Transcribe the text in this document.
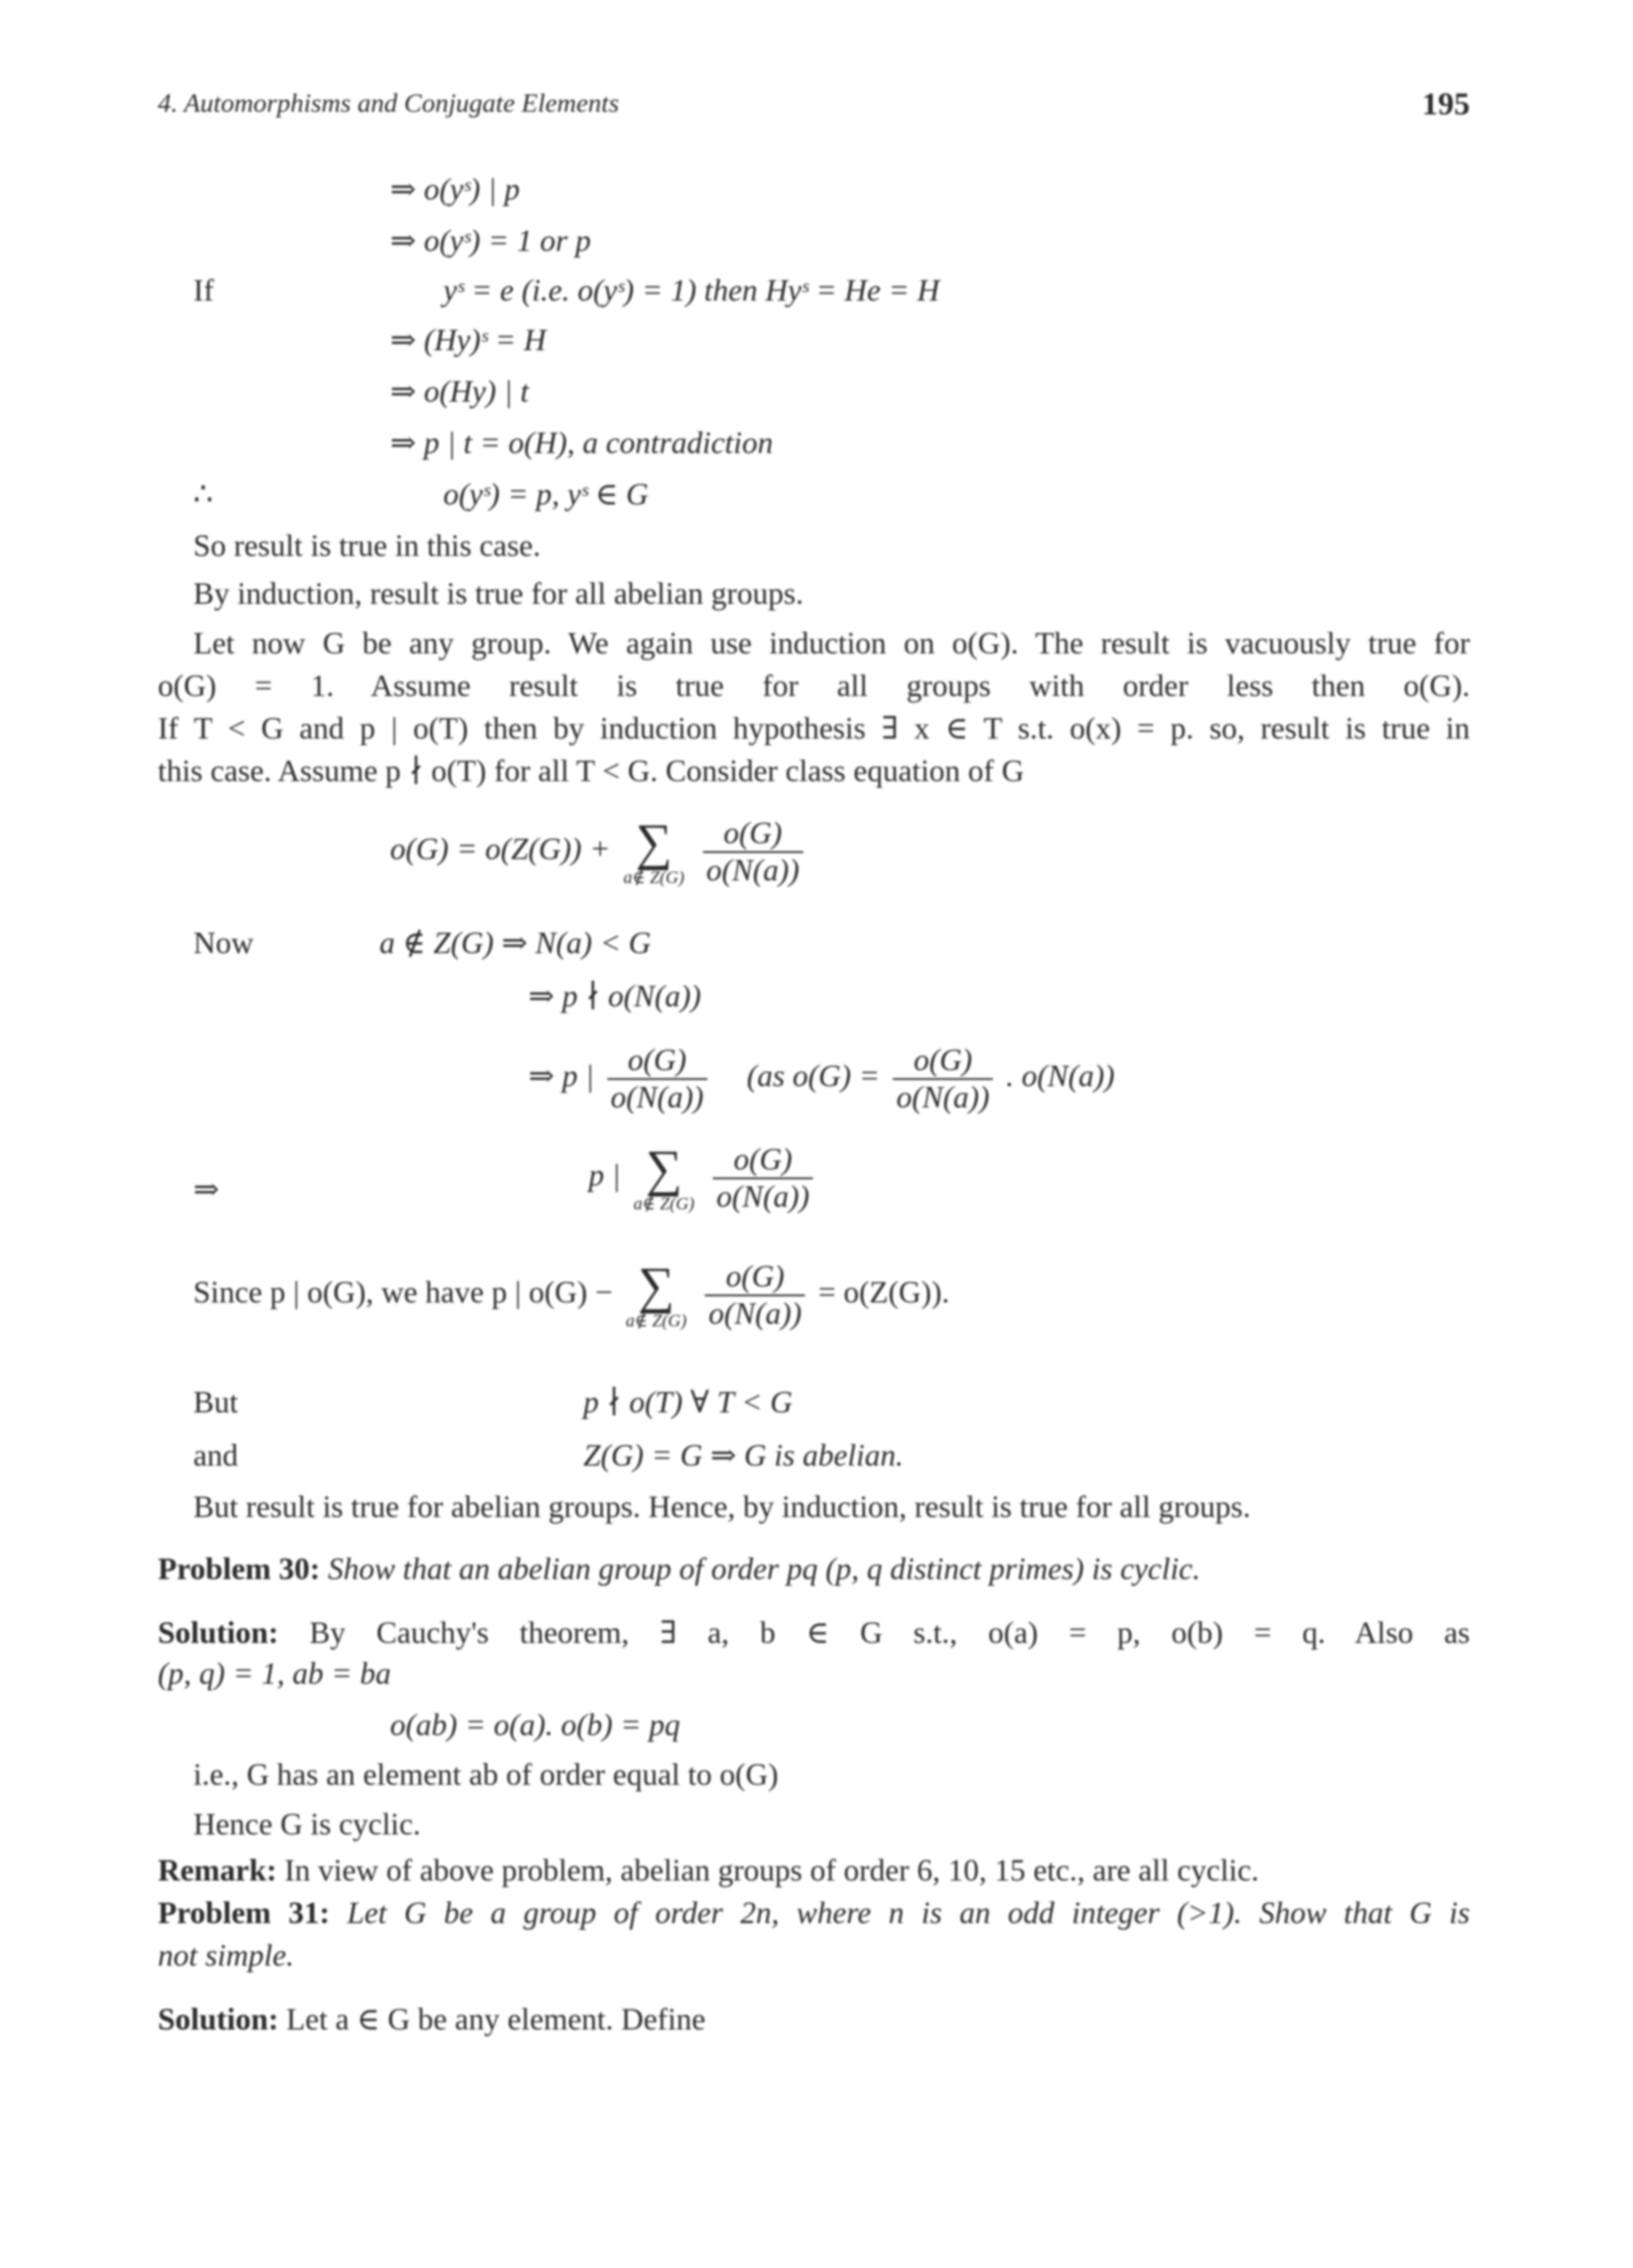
4. Automorphisms and Conjugate Elements	195
⇒ o(yˢ) | p
⇒ o(yˢ) = 1 or p
If	yˢ = e (i.e. o(yˢ) = 1) then Hyˢ = He = H
⇒ (Hy)ˢ = H
⇒ o(Hy) | t
⇒ p | t = o(H), a contradiction
∴	o(yˢ) = p, yˢ ∈ G
So result is true in this case.
By induction, result is true for all abelian groups.
Let now G be any group. We again use induction on o(G). The result is vacuously true for
o(G) = 1. Assume result is true for all groups with order less then o(G).
If T < G and p | o(T) then by induction hypothesis ∃ x ∈ T s.t. o(x) = p. so, result is true in
this case. Assume p ∤ o(T) for all T < G. Consider class equation of G
o(G) = o(Z(G)) + ∑
a∉ Z(G)
$\frac{o(G)}{o(N(a))}$
Now	a ∉ Z(G) ⇒ N(a) < G
⇒ p ∤ o(N(a))
⇒ p | $\frac{o(G)}{o(N(a))} (as$ $o(G) = \frac{o(G)}{o(N(a))}$ . o(N(a))
⇒	p | ∑
a∉ Z(G)
$\frac{o(G)}{o(N(a))}$
Since p | o(G), we have p | o(G) − ∑
a∉ Z(G)
$\frac{o(G)}{o(N(a))} = o(Z(G))$.
But	p ∤ o(T) ∀ T < G
and	Z(G) = G ⇒ G is abelian.
But result is true for abelian groups. Hence, by induction, result is true for all groups.
Problem 30: Show that an abelian group of order pq (p, q distinct primes) is cyclic.
Solution: By Cauchy's theorem, ∃ a, b ∈ G s.t., o(a) = p, o(b) = q. Also as
(p, q) = 1, ab = ba
o(ab) = o(a). o(b) = pq
i.e., G has an element ab of order equal to o(G)
Hence G is cyclic.
Remark: In view of above problem, abelian groups of order 6, 10, 15 etc., are all cyclic.
Problem 31: Let G be a group of order 2n, where n is an odd integer (>1). Show that G is
not simple.
Solution: Let a ∈ G be any element. Define
